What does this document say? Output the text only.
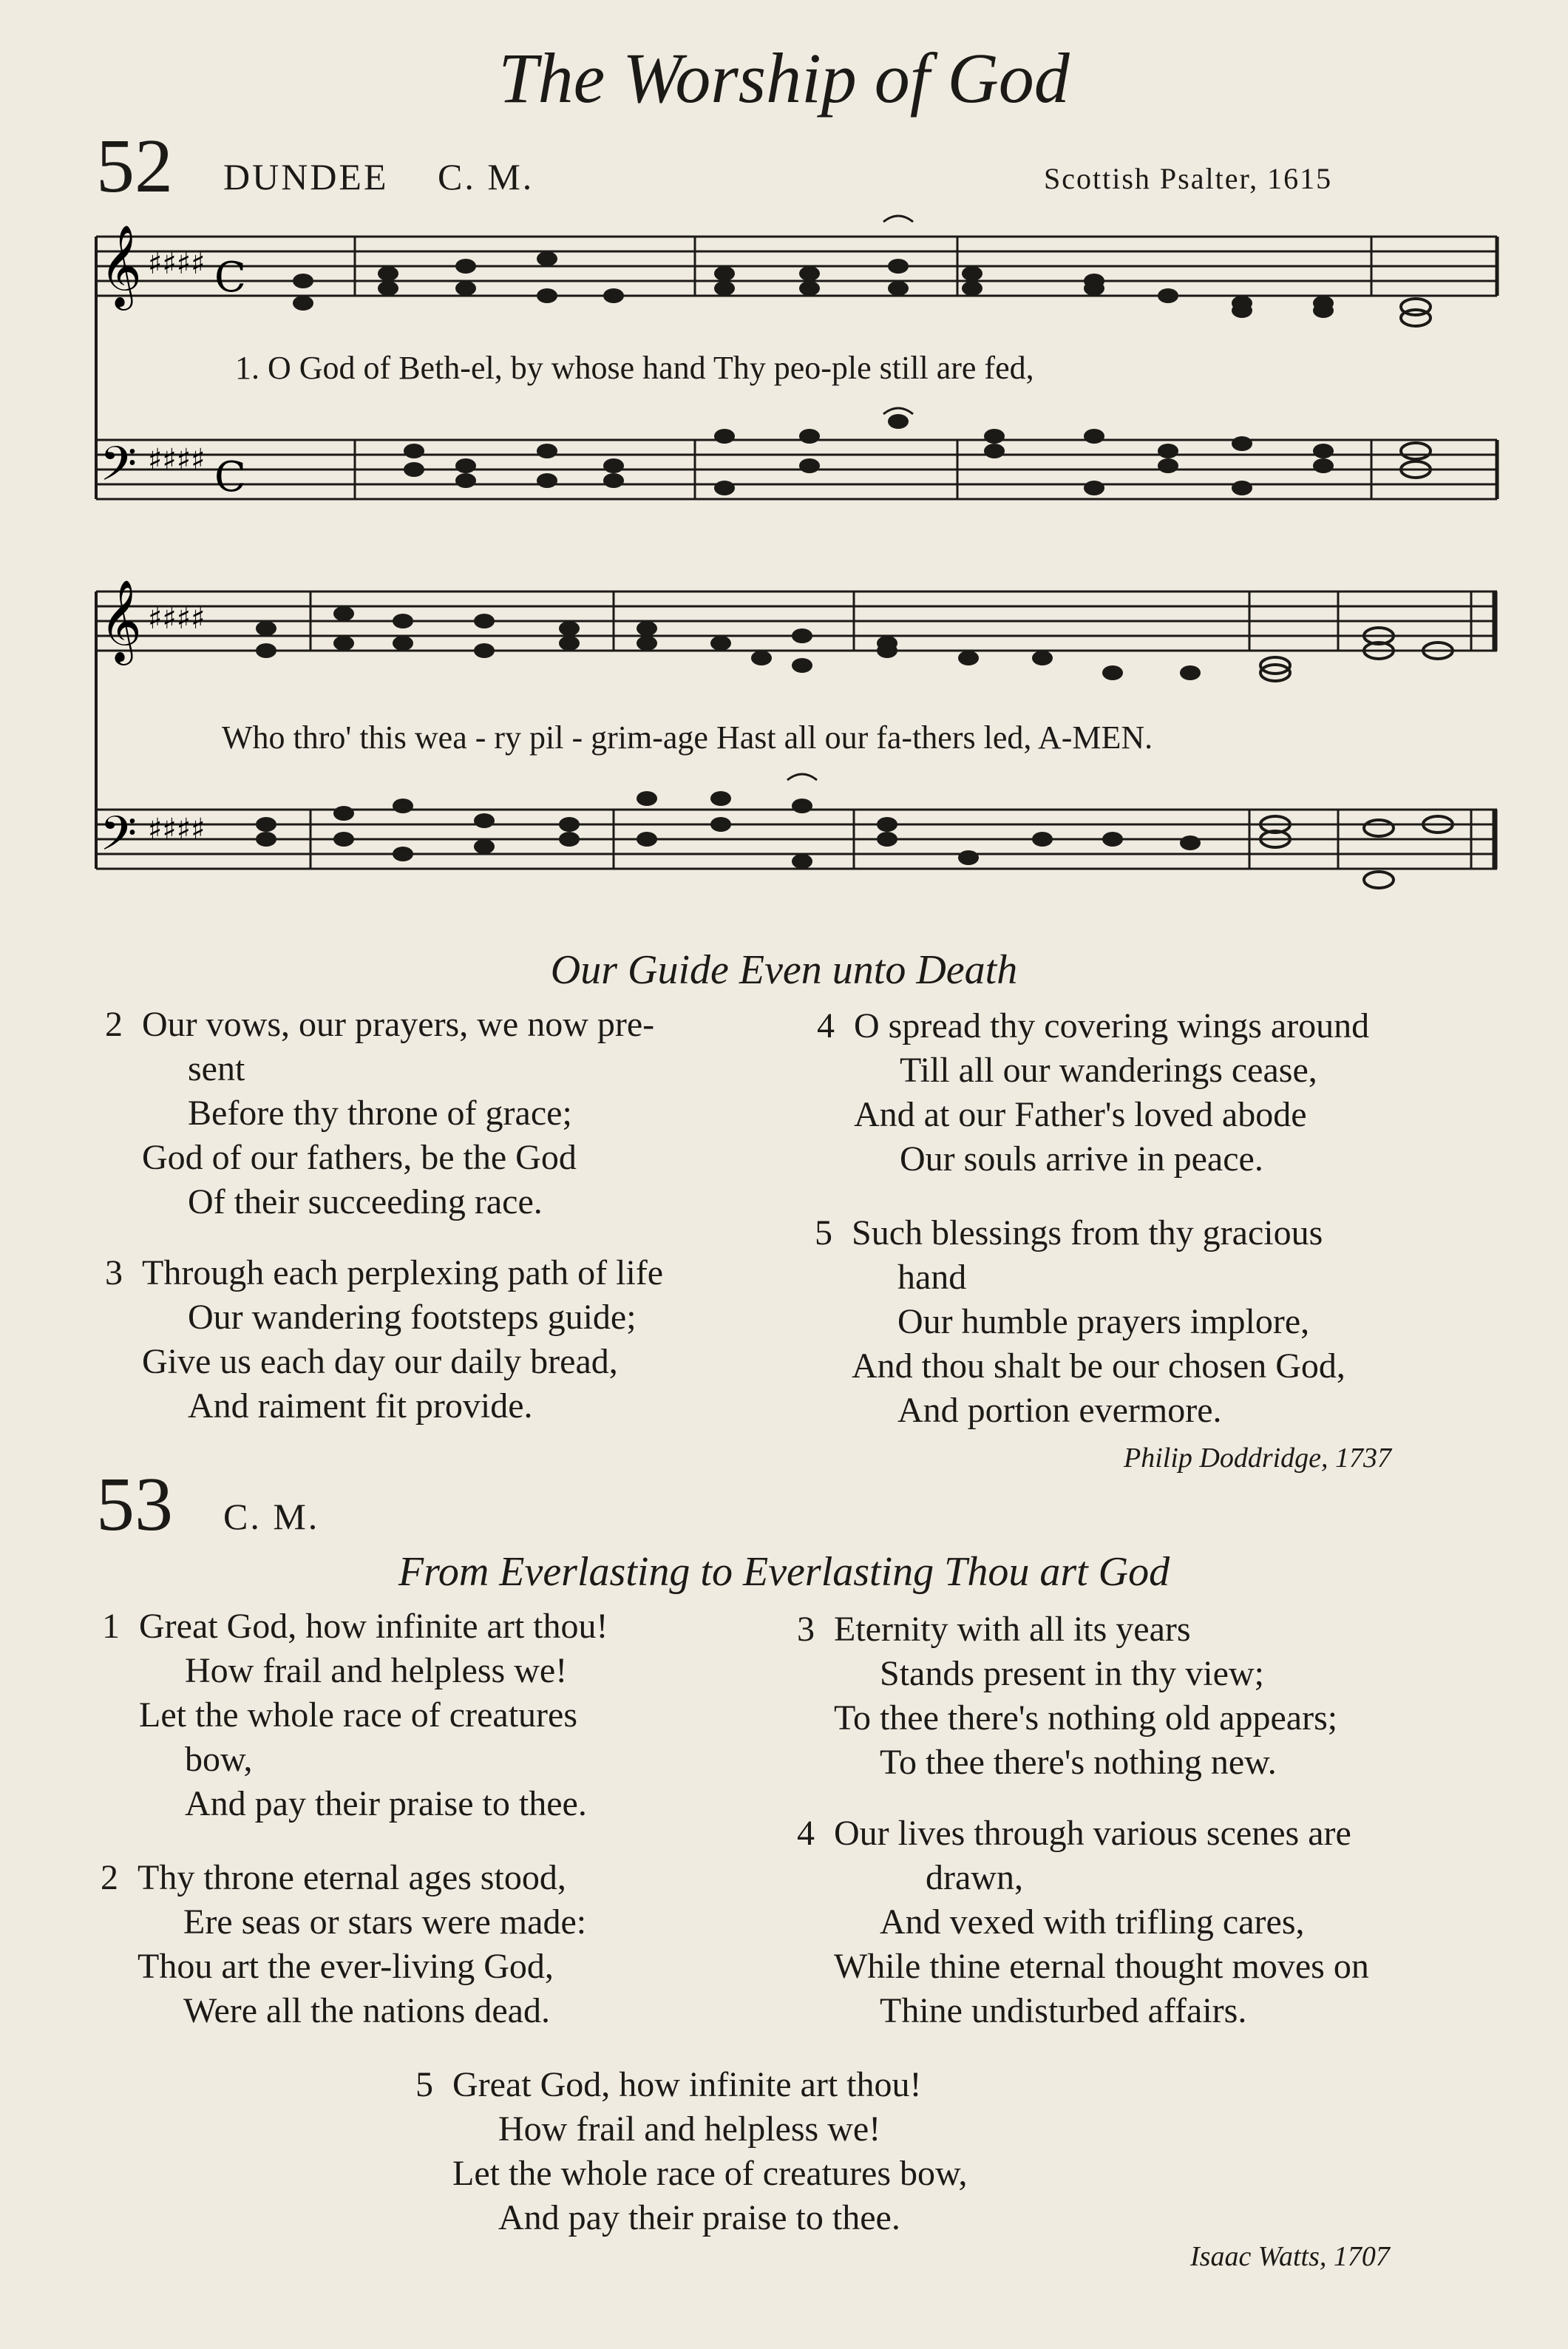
The Worship of God
52 DUNDEE C. M.	Scottish Psalter, 1615
𝄞
𝄢
♯♯♯♯
♯♯♯♯
C
C
1. O God of Beth-el, by whose hand Thy peo-ple still are fed,
𝄞
𝄢
♯♯♯♯
♯♯♯♯
Who thro' this wea - ry pil - grim-age Hast all our fa-thers led, A-MEN.
Our Guide Even unto Death
2 Our vows, our prayers, we now pre-
sent
Before thy throne of grace;
God of our fathers, be the God
Of their succeeding race.
3 Through each perplexing path of life
Our wandering footsteps guide;
Give us each day our daily bread,
And raiment fit provide.
4 O spread thy covering wings around
Till all our wanderings cease,
And at our Father's loved abode
Our souls arrive in peace.
5 Such blessings from thy gracious
hand
Our humble prayers implore,
And thou shalt be our chosen God,
And portion evermore.
Philip Doddridge, 1737
53 C. M.
From Everlasting to Everlasting Thou art God
1 Great God, how infinite art thou!
How frail and helpless we!
Let the whole race of creatures
bow,
And pay their praise to thee.
2 Thy throne eternal ages stood,
Ere seas or stars were made:
Thou art the ever-living God,
Were all the nations dead.
3 Eternity with all its years
Stands present in thy view;
To thee there's nothing old appears;
To thee there's nothing new.
4 Our lives through various scenes are
drawn,
And vexed with trifling cares,
While thine eternal thought moves on
Thine undisturbed affairs.
5 Great God, how infinite art thou!
How frail and helpless we!
Let the whole race of creatures bow,
And pay their praise to thee.
Isaac Watts, 1707
